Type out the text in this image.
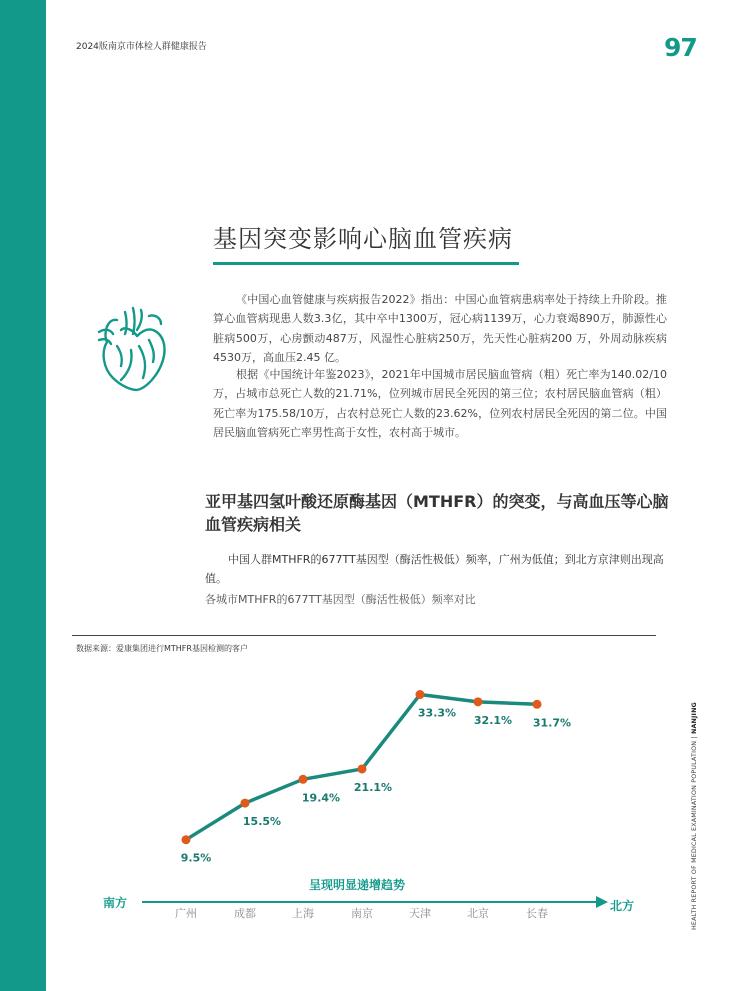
2024版南京市体检人群健康报告	97
基因突变影响心脑血管疾病

《中国心血管健康与疾病报告2022》指出：中国心血管病患病率处于持续上升阶段。推算心血管病现患人数3.3亿，其中卒中1300万，冠心病1139万，心力衰竭890万，肺源性心脏病500万，心房颤动487万，风湿性心脏病250万，先天性心脏病200 万，外周动脉疾病4530万，高血压2.45 亿。

根据《中国统计年鉴2023》，2021年中国城市居民脑血管病（粗）死亡率为140.02/10万，占城市总死亡人数的21.71%，位列城市居民全死因的第三位；农村居民脑血管病（粗）死亡率为175.58/10万，占农村总死亡人数的23.62%，位列农村居民全死因的第二位。中国居民脑血管病死亡率男性高于女性，农村高于城市。

亚甲基四氢叶酸还原酶基因（MTHFR）的突变，与高血压等心脑血管疾病相关

中国人群MTHFR的677TT基因型（酶活性极低）频率，广州为低值；到北方京津则出现高值。

各城市MTHFR的677TT基因型（酶活性极低）频率对比
数据来源：爱康集团进行MTHFR基因检测的客户
呈现明显递增趋势
南方	北方
9.5%
广州
15.5%
成都
19.4%
上海
21.1%
南京
33.3%
天津
32.1%
北京
31.7%
长春	HEALTH REPORT OF MEDICAL EXAMINATION POPULATION | NANJING
